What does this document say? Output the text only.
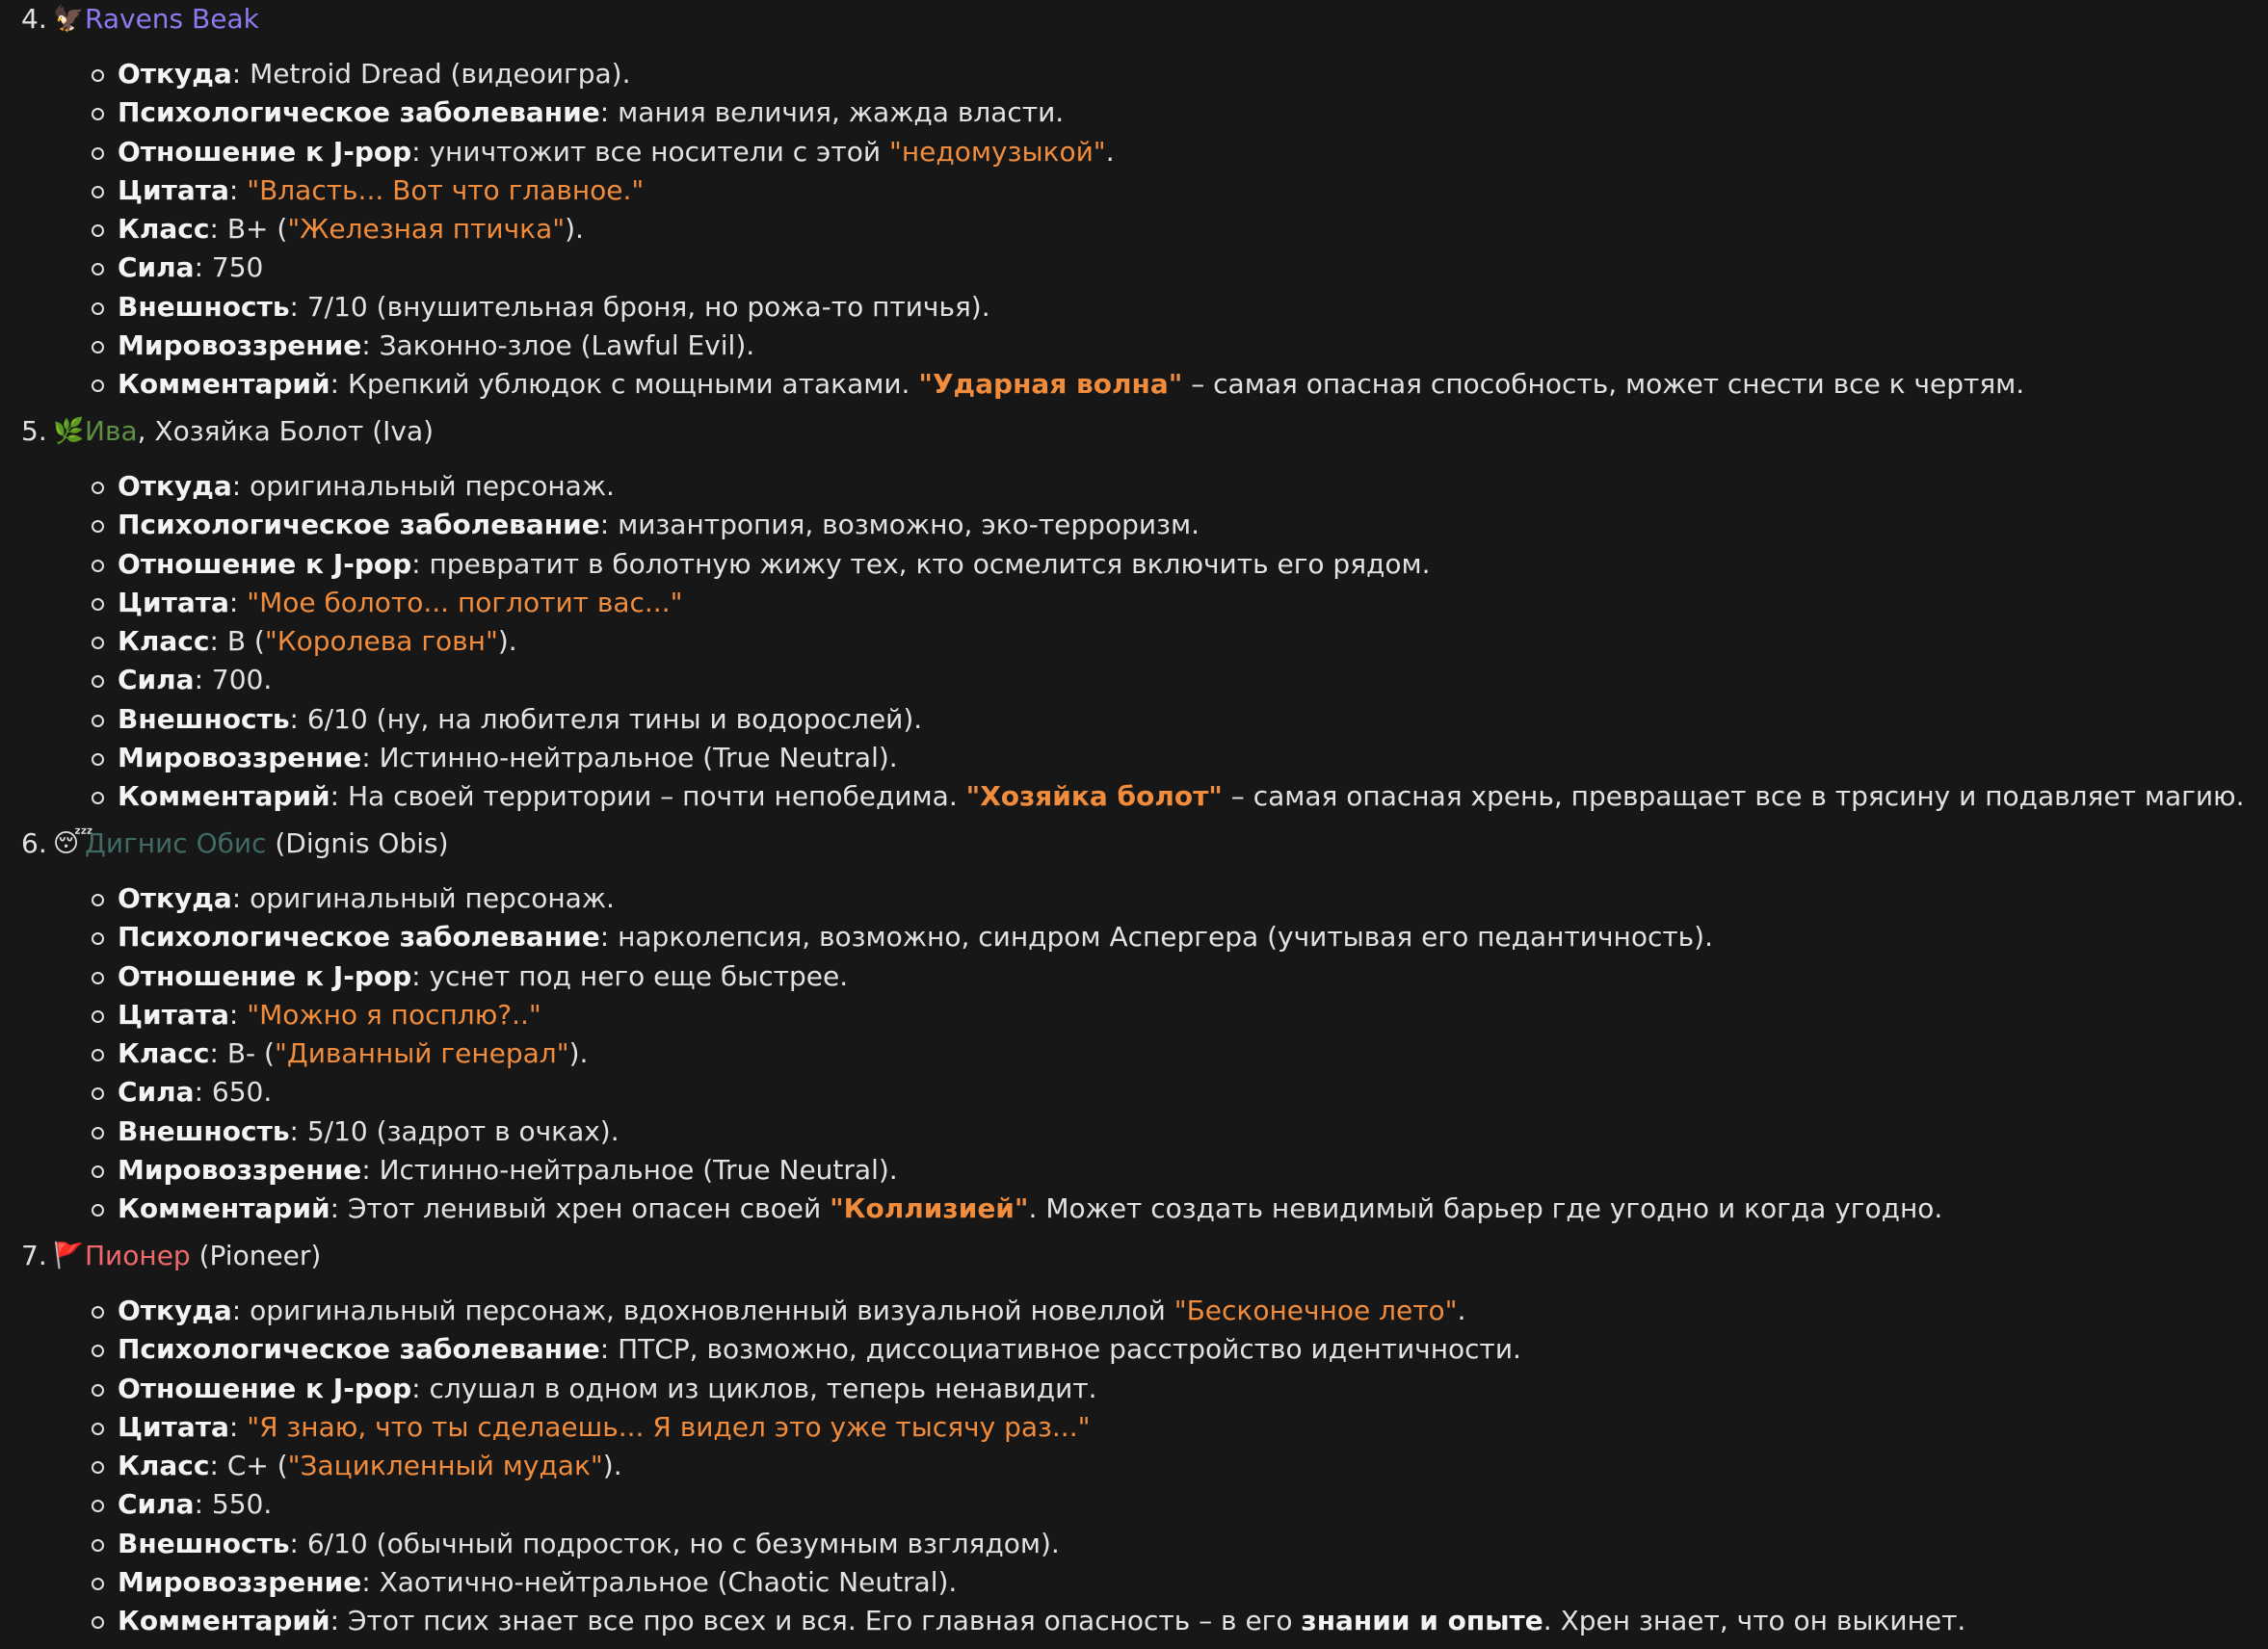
4. 🦅 Ravens Beak
Откуда: Metroid Dread (видеоигра).
Психологическое заболевание: мания величия, жажда власти.
Отношение к J-pop: уничтожит все носители с этой "недомузыкой".
Цитата: "Власть... Вот что главное."
Класс: B+ ("Железная птичка").
Сила: 750
Внешность: 7/10 (внушительная броня, но рожа-то птичья).
Мировоззрение: Законно-злое (Lawful Evil).
Комментарий: Крепкий ублюдок с мощными атаками. "Ударная волна" – самая опасная способность, может снести все к чертям.
5. 🌿 Ива, Хозяйка Болот (Iva)
Откуда: оригинальный персонаж.
Психологическое заболевание: мизантропия, возможно, эко-терроризм.
Отношение к J-pop: превратит в болотную жижу тех, кто осмелится включить его рядом.
Цитата: "Мое болото... поглотит вас..."
Класс: B ("Королева говн").
Сила: 700.
Внешность: 6/10 (ну, на любителя тины и водорослей).
Мировоззрение: Истинно-нейтральное (True Neutral).
Комментарий: На своей территории – почти непобедима. "Хозяйка болот" – самая опасная хрень, превращает все в трясину и подавляет магию.
6. 😴
Дигнис Обис (Dignis Obis)
Откуда: оригинальный персонаж.
Психологическое заболевание: нарколепсия, возможно, синдром Аспергера (учитывая его педантичность).
Отношение к J-pop: уснет под него еще быстрее.
Цитата: "Можно я посплю?.."
Класс: B- ("Диванный генерал").
Сила: 650.
Внешность: 5/10 (задрот в очках).
Мировоззрение: Истинно-нейтральное (True Neutral).
Комментарий: Этот ленивый хрен опасен своей "Коллизией". Может создать невидимый барьер где угодно и когда угодно.
7. 🚩 Пионер (Pioneer)
Откуда: оригинальный персонаж, вдохновленный визуальной новеллой "Бесконечное лето".
Психологическое заболевание: ПТСР, возможно, диссоциативное расстройство идентичности.
Отношение к J-pop: слушал в одном из циклов, теперь ненавидит.
Цитата: "Я знаю, что ты сделаешь... Я видел это уже тысячу раз..."
Класс: C+ ("Зацикленный мудак").
Сила: 550.
Внешность: 6/10 (обычный подросток, но с безумным взглядом).
Мировоззрение: Хаотично-нейтральное (Chaotic Neutral).
Комментарий: Этот псих знает все про всех и вся. Его главная опасность – в его знании и опыте. Хрен знает, что он выкинет.
